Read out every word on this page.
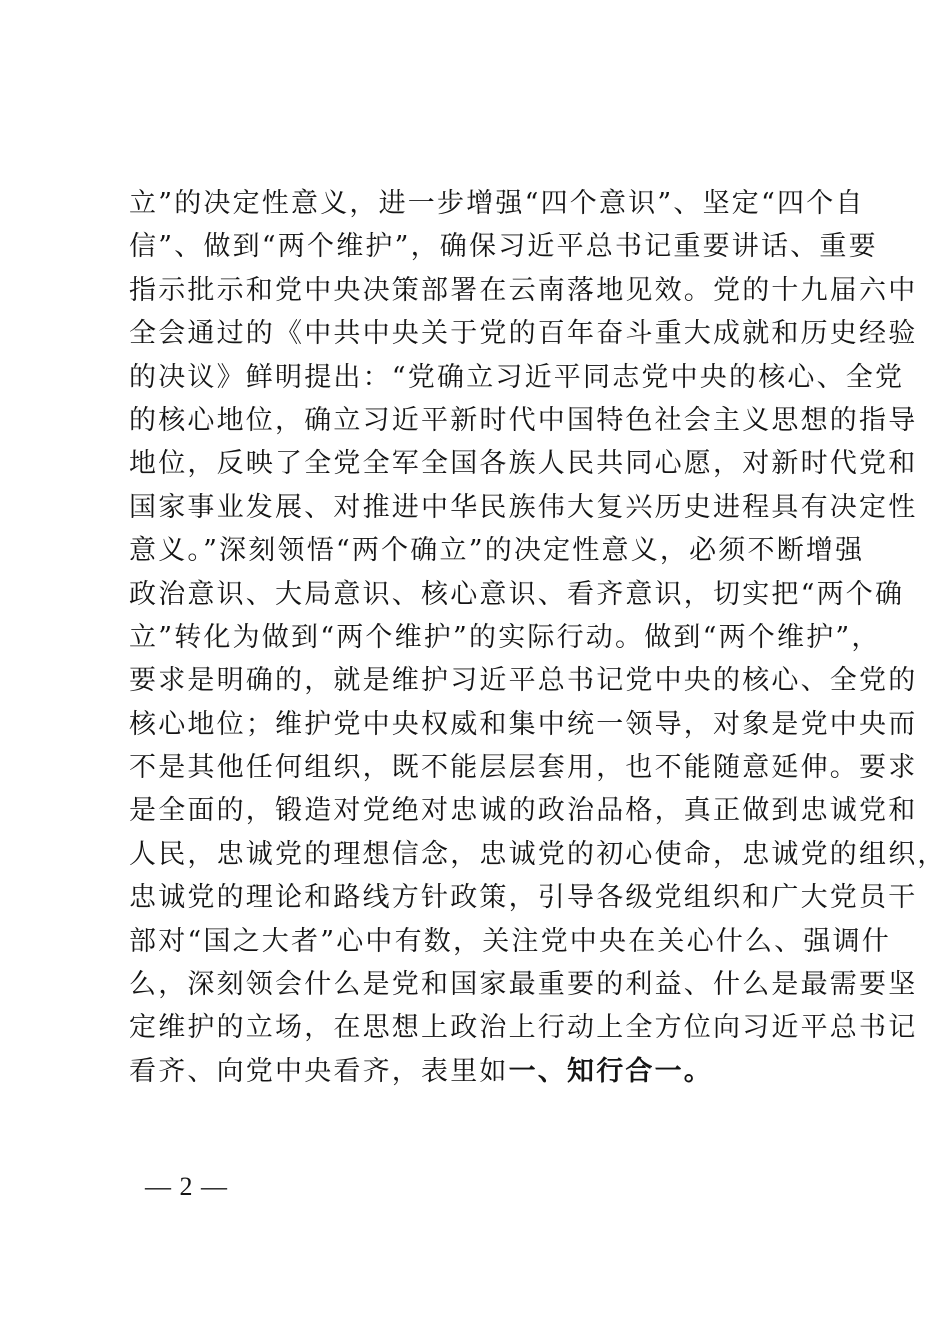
立”的决定性意义，进一步增强“四个意识”、坚定“四个自
信”、做到“两个维护”，确保习近平总书记重要讲话、重要
指示批示和党中央决策部署在云南落地见效。党的十九届六中
全会通过的《中共中央关于党的百年奋斗重大成就和历史经验
的决议》鲜明提出：“党确立习近平同志党中央的核心、全党
的核心地位，确立习近平新时代中国特色社会主义思想的指导
地位，反映了全党全军全国各族人民共同心愿，对新时代党和
国家事业发展、对推进中华民族伟大复兴历史进程具有决定性
意义。”深刻领悟“两个确立”的决定性意义，必须不断增强
政治意识、大局意识、核心意识、看齐意识，切实把“两个确
立”转化为做到“两个维护”的实际行动。做到“两个维护”，
要求是明确的，就是维护习近平总书记党中央的核心、全党的
核心地位；维护党中央权威和集中统一领导，对象是党中央而
不是其他任何组织，既不能层层套用，也不能随意延伸。要求
是全面的，锻造对党绝对忠诚的政治品格，真正做到忠诚党和
人民，忠诚党的理想信念，忠诚党的初心使命，忠诚党的组织，
忠诚党的理论和路线方针政策，引导各级党组织和广大党员干
部对“国之大者”心中有数，关注党中央在关心什么、强调什
么，深刻领会什么是党和国家最重要的利益、什么是最需要坚
定维护的立场，在思想上政治上行动上全方位向习近平总书记
看齐、向党中央看齐，表里如一、知行合一。
— 2 —
